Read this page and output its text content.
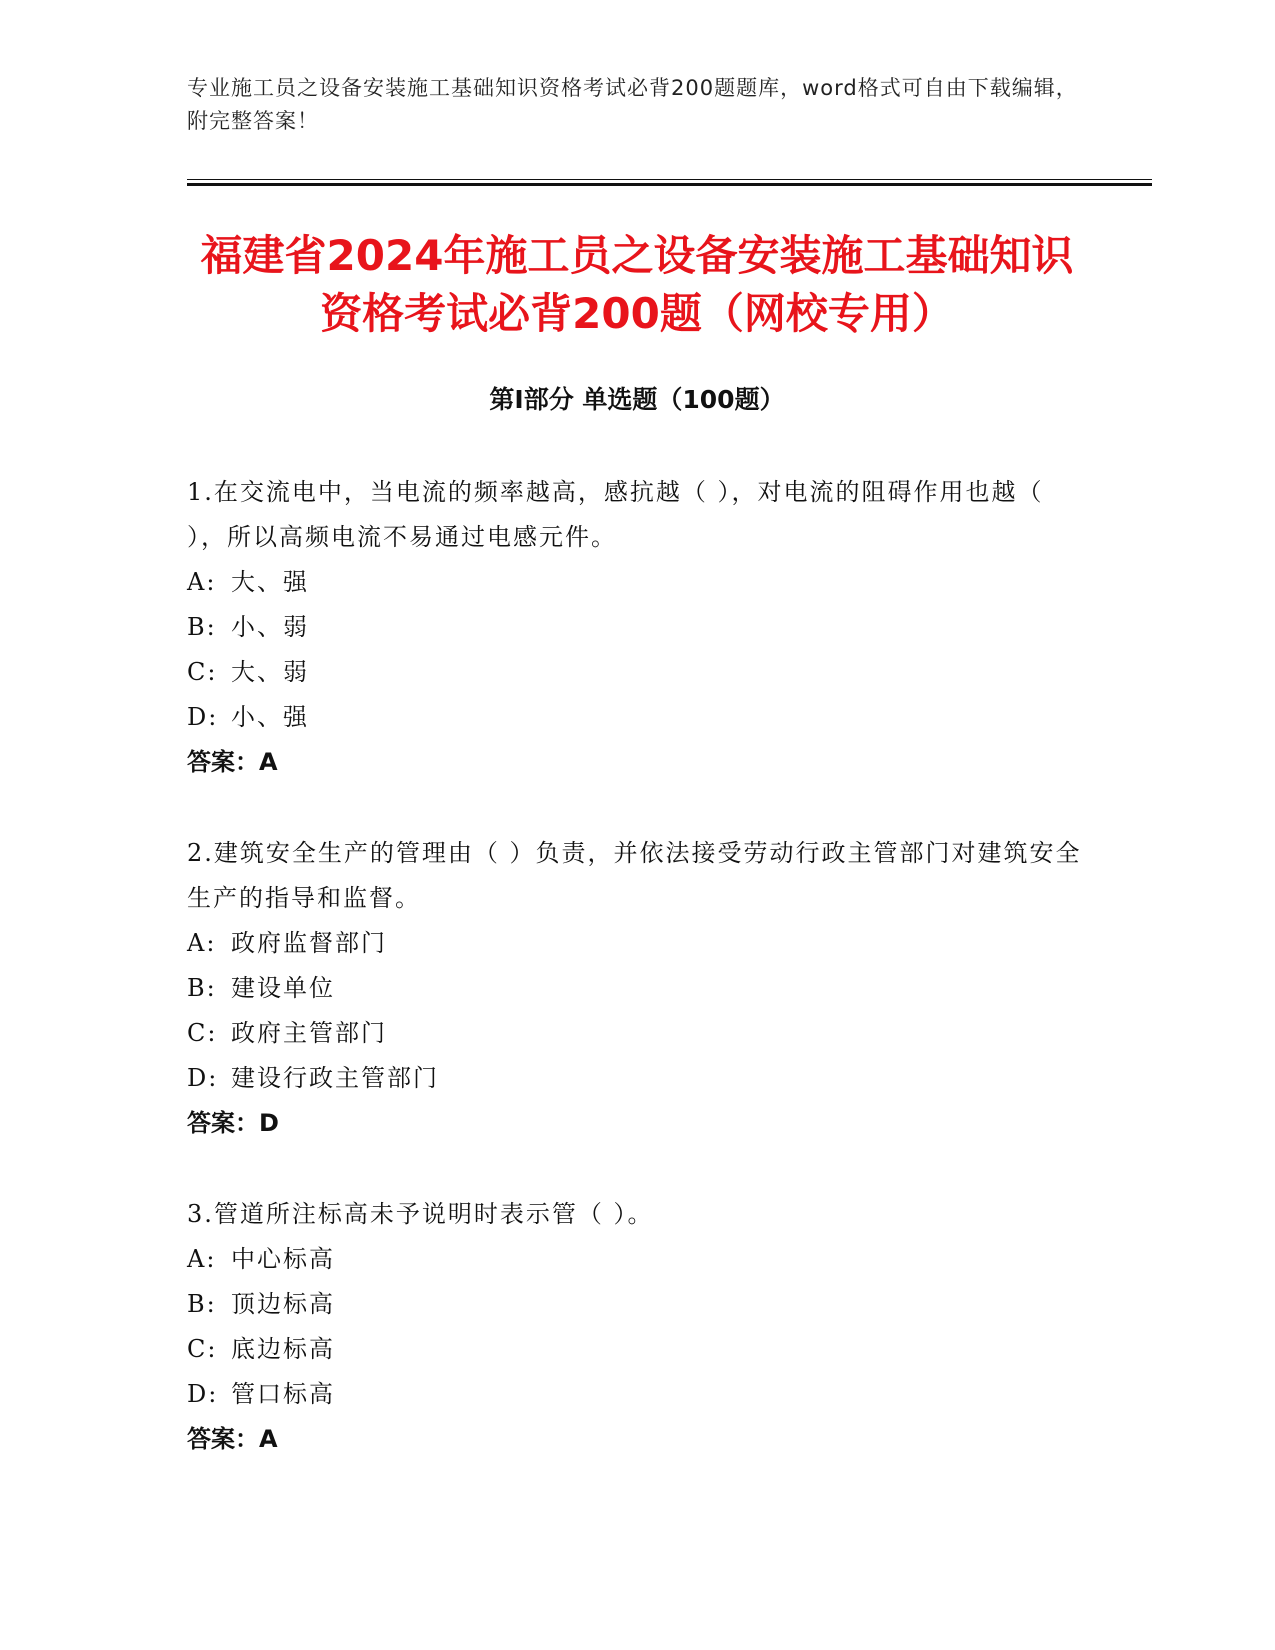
专业施工员之设备安装施工基础知识资格考试必背200题题库，word格式可自由下载编辑，附完整答案！
福建省2024年施工员之设备安装施工基础知识资格考试必背200题（网校专用）
第Ⅰ部分 单选题（100题）

1.在交流电中，当电流的频率越高，感抗越（ ），对电流的阻碍作用也越（ ），所以高频电流不易通过电感元件。

A: 大、强

B: 小、弱

C: 大、弱

D: 小、强

答案：A

2.建筑安全生产的管理由（ ）负责，并依法接受劳动行政主管部门对建筑安全生产的指导和监督。

A: 政府监督部门

B: 建设单位

C: 政府主管部门

D: 建设行政主管部门

答案：D

3.管道所注标高未予说明时表示管（ ）。

A: 中心标高

B: 顶边标高

C: 底边标高

D: 管口标高

答案：A
